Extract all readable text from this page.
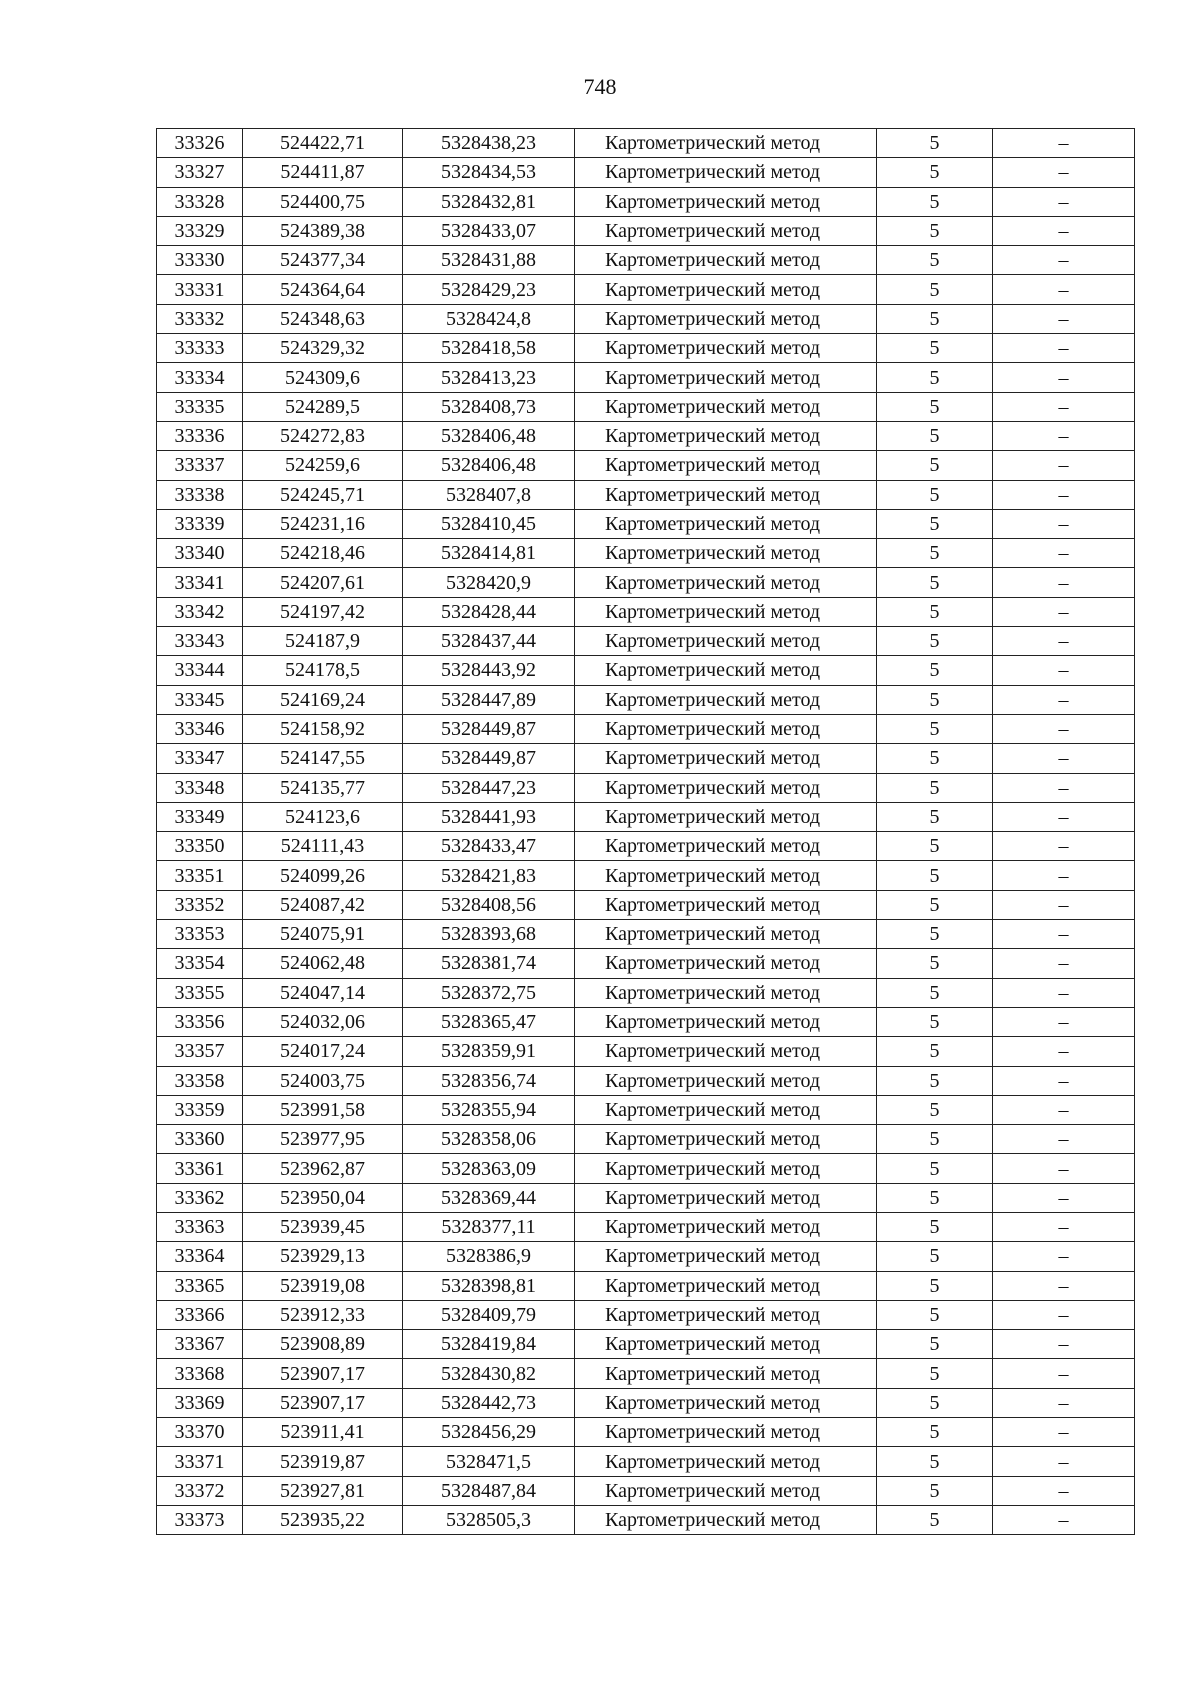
748
33326	524422,71	5328438,23	Картометрический метод	5	–
33327	524411,87	5328434,53	Картометрический метод	5	–
33328	524400,75	5328432,81	Картометрический метод	5	–
33329	524389,38	5328433,07	Картометрический метод	5	–
33330	524377,34	5328431,88	Картометрический метод	5	–
33331	524364,64	5328429,23	Картометрический метод	5	–
33332	524348,63	5328424,8	Картометрический метод	5	–
33333	524329,32	5328418,58	Картометрический метод	5	–
33334	524309,6	5328413,23	Картометрический метод	5	–
33335	524289,5	5328408,73	Картометрический метод	5	–
33336	524272,83	5328406,48	Картометрический метод	5	–
33337	524259,6	5328406,48	Картометрический метод	5	–
33338	524245,71	5328407,8	Картометрический метод	5	–
33339	524231,16	5328410,45	Картометрический метод	5	–
33340	524218,46	5328414,81	Картометрический метод	5	–
33341	524207,61	5328420,9	Картометрический метод	5	–
33342	524197,42	5328428,44	Картометрический метод	5	–
33343	524187,9	5328437,44	Картометрический метод	5	–
33344	524178,5	5328443,92	Картометрический метод	5	–
33345	524169,24	5328447,89	Картометрический метод	5	–
33346	524158,92	5328449,87	Картометрический метод	5	–
33347	524147,55	5328449,87	Картометрический метод	5	–
33348	524135,77	5328447,23	Картометрический метод	5	–
33349	524123,6	5328441,93	Картометрический метод	5	–
33350	524111,43	5328433,47	Картометрический метод	5	–
33351	524099,26	5328421,83	Картометрический метод	5	–
33352	524087,42	5328408,56	Картометрический метод	5	–
33353	524075,91	5328393,68	Картометрический метод	5	–
33354	524062,48	5328381,74	Картометрический метод	5	–
33355	524047,14	5328372,75	Картометрический метод	5	–
33356	524032,06	5328365,47	Картометрический метод	5	–
33357	524017,24	5328359,91	Картометрический метод	5	–
33358	524003,75	5328356,74	Картометрический метод	5	–
33359	523991,58	5328355,94	Картометрический метод	5	–
33360	523977,95	5328358,06	Картометрический метод	5	–
33361	523962,87	5328363,09	Картометрический метод	5	–
33362	523950,04	5328369,44	Картометрический метод	5	–
33363	523939,45	5328377,11	Картометрический метод	5	–
33364	523929,13	5328386,9	Картометрический метод	5	–
33365	523919,08	5328398,81	Картометрический метод	5	–
33366	523912,33	5328409,79	Картометрический метод	5	–
33367	523908,89	5328419,84	Картометрический метод	5	–
33368	523907,17	5328430,82	Картометрический метод	5	–
33369	523907,17	5328442,73	Картометрический метод	5	–
33370	523911,41	5328456,29	Картометрический метод	5	–
33371	523919,87	5328471,5	Картометрический метод	5	–
33372	523927,81	5328487,84	Картометрический метод	5	–
33373	523935,22	5328505,3	Картометрический метод	5	–
